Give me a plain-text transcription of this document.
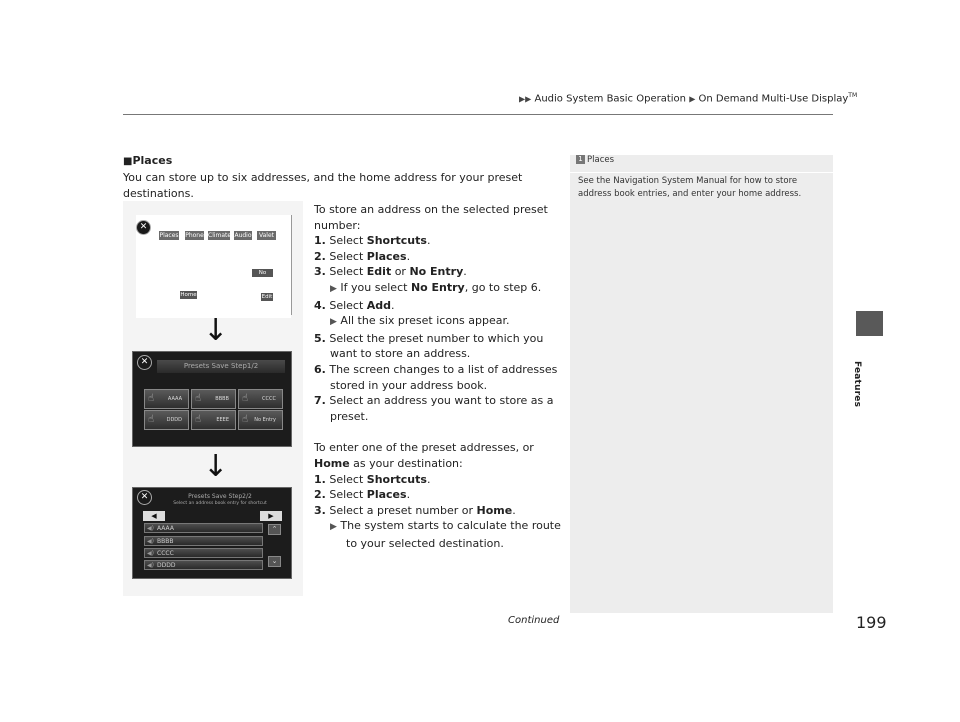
▶▶ Audio System Basic Operation ▶ On Demand Multi-Use Display™
Features
199
Continued
■Places
You can store up to six addresses, and the home address for your preset destinations.
✕
Places Phone Climate Audio	Valet
No Entry
Home	Edit
↓
✕	Presets Save Step1/2
☝	AAAA	☝	BBBB	☝	CCCC
☝	DDDD	☝	EEEE	☝ No Entry
↓
✕	Presets Save Step2/2
Select an address book entry for shortcut
◀	▶
◀) AAAA
◀) BBBB
◀) CCCC
◀) DDDD
⌃
⌄

To store an address on the selected preset number:

1. Select Shortcuts.

2. Select Places.

3. Select Edit or No Entry.

▶ If you select No Entry, go to step 6.

4. Select Add.

▶ All the six preset icons appear.

5. Select the preset number to which you want to store an address.

6. The screen changes to a list of addresses stored in your address book.

7. Select an address you want to store as a preset.

To enter one of the preset addresses, or Home as your destination:

1. Select Shortcuts.

2. Select Places.

3. Select a preset number or Home.

▶ The system starts to calculate the route to your selected destination.

1 Places
See the Navigation System Manual for how to store address book entries, and enter your home address.
